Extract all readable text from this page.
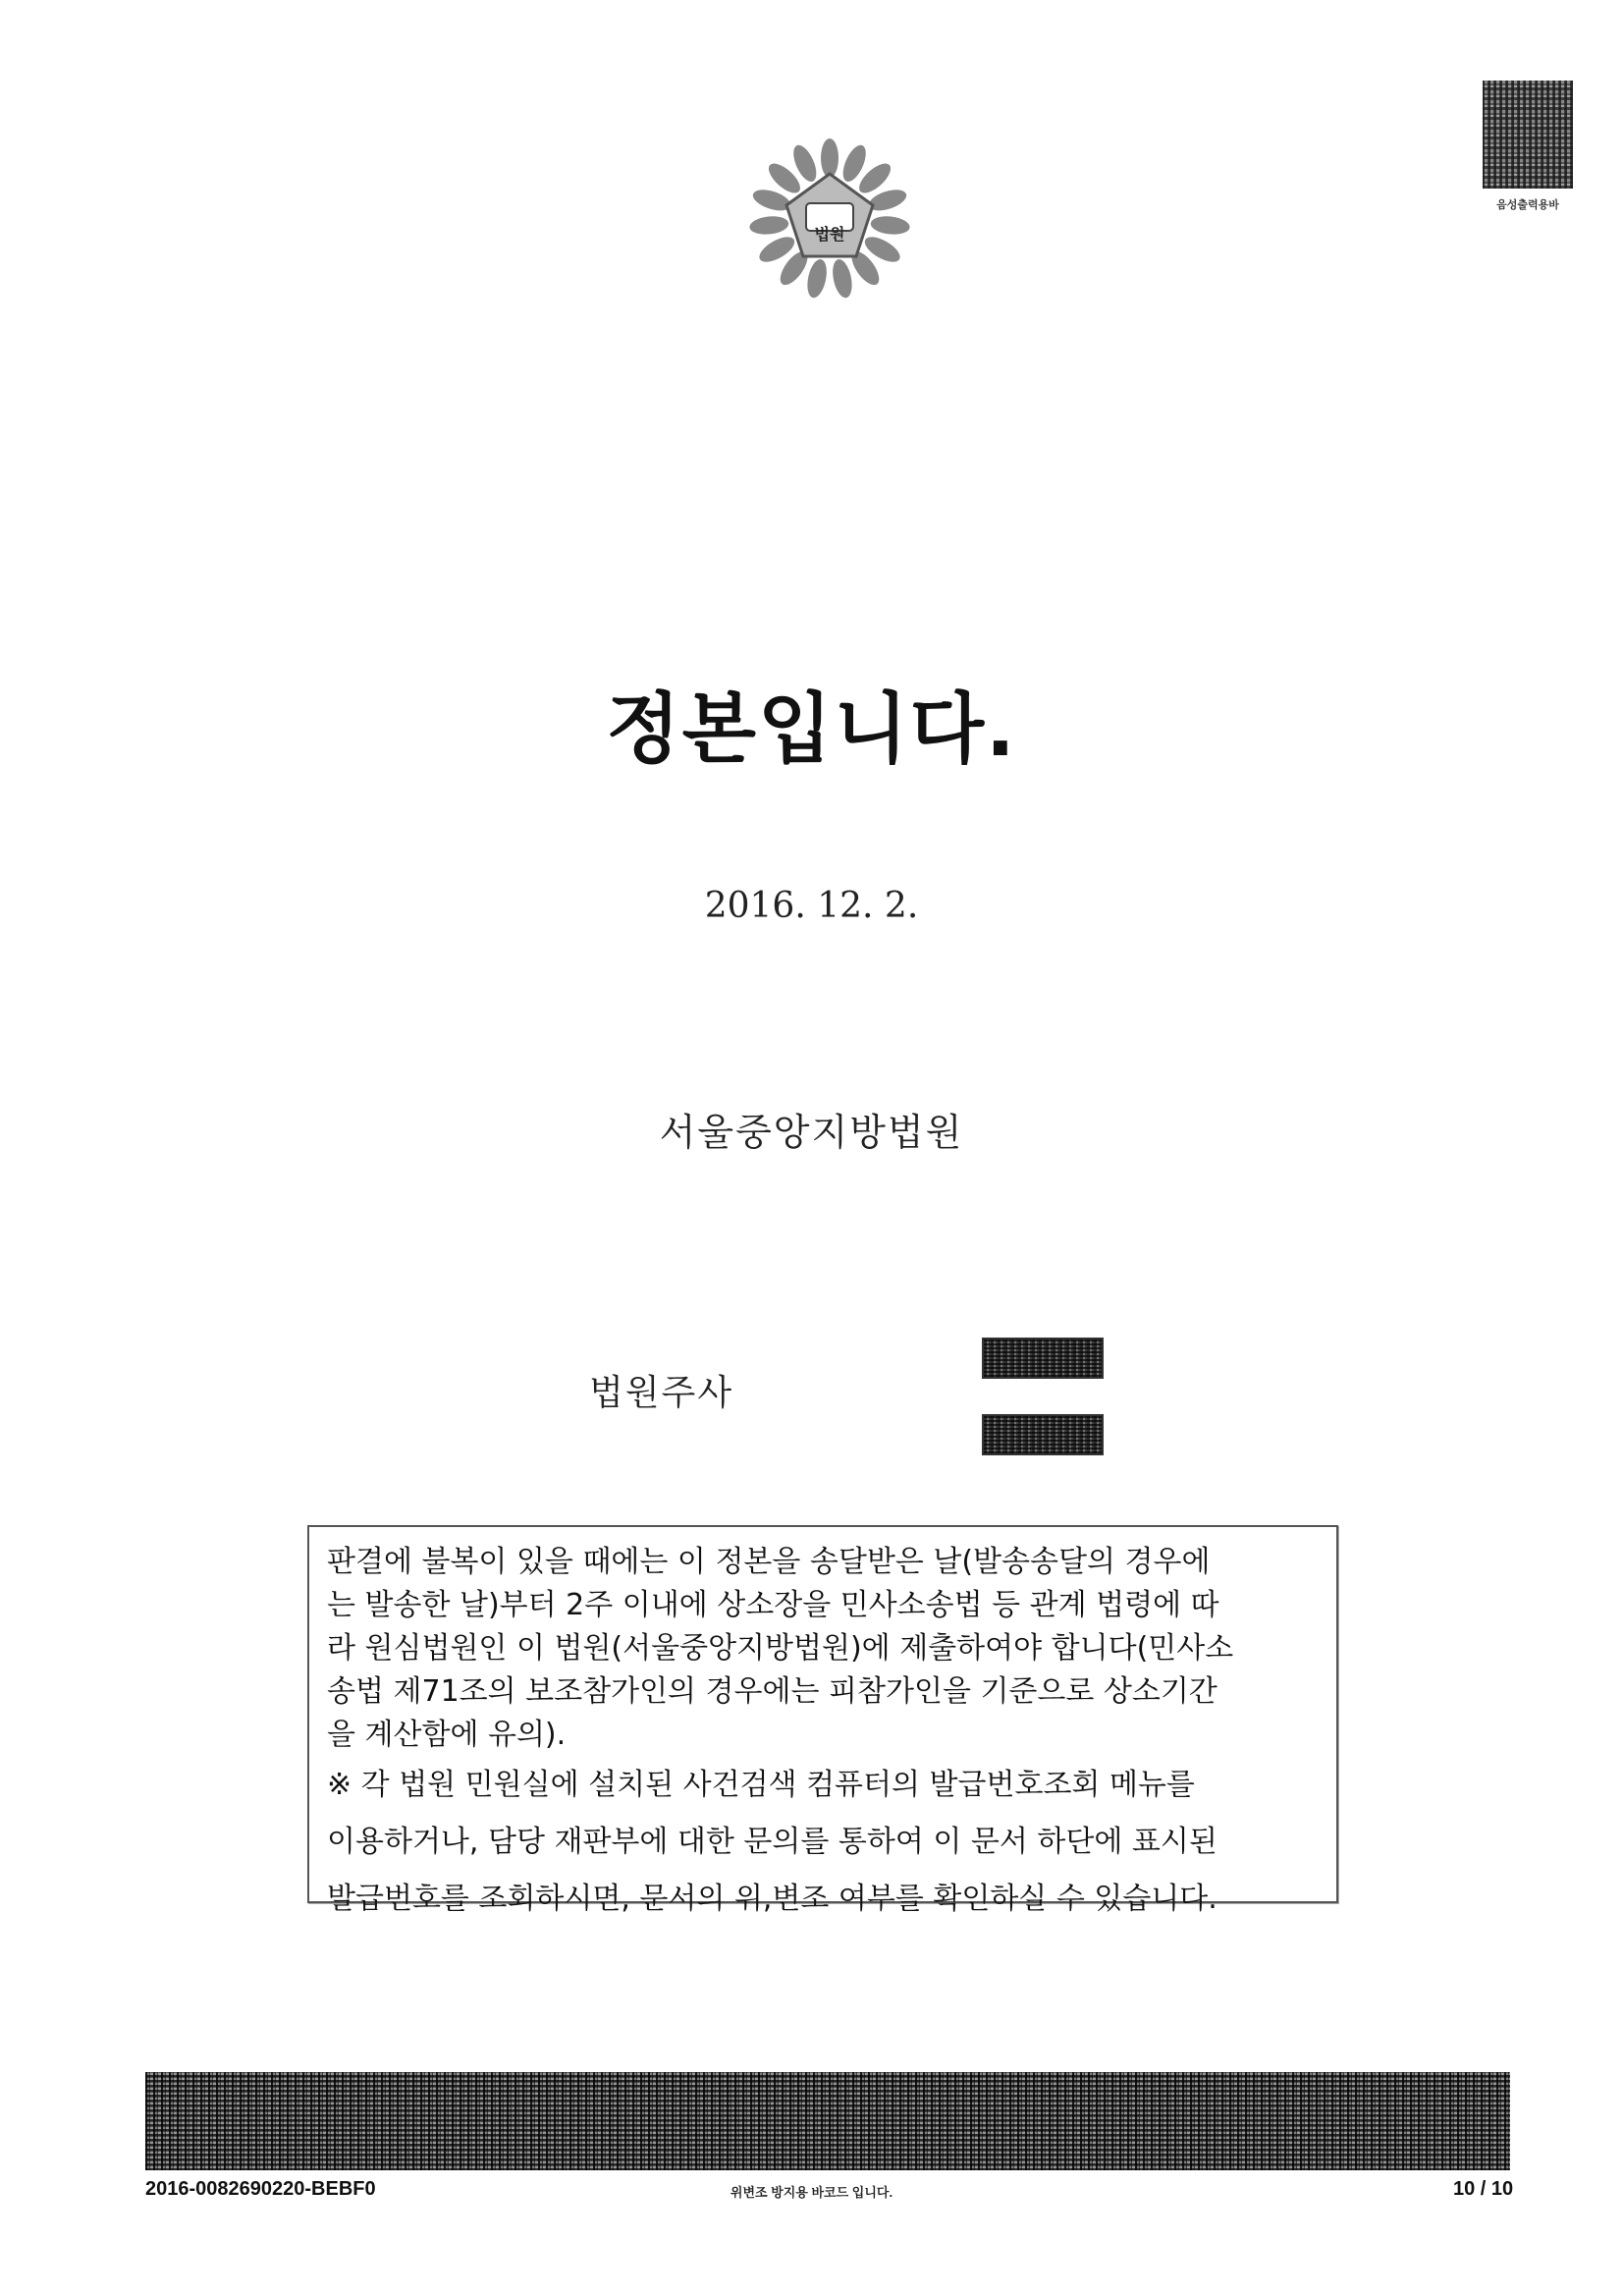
법원
음성출력용바
정본입니다.
2016. 12. 2.
서울중앙지방법원
법원주사
판결에 불복이 있을 때에는 이 정본을 송달받은 날(발송송달의 경우에
는 발송한 날)부터 2주 이내에 상소장을 민사소송법 등 관계 법령에 따
라 원심법원인 이 법원(서울중앙지방법원)에 제출하여야 합니다(민사소
송법 제71조의 보조참가인의 경우에는 피참가인을 기준으로 상소기간
을 계산함에 유의).
※ 각 법원 민원실에 설치된 사건검색 컴퓨터의 발급번호조회 메뉴를
이용하거나, 담당 재판부에 대한 문의를 통하여 이 문서 하단에 표시된
발급번호를 조회하시면, 문서의 위,변조 여부를 확인하실 수 있습니다.
2016-0082690220-BEBF0	위변조 방지용 바코드 입니다.	10 / 10
